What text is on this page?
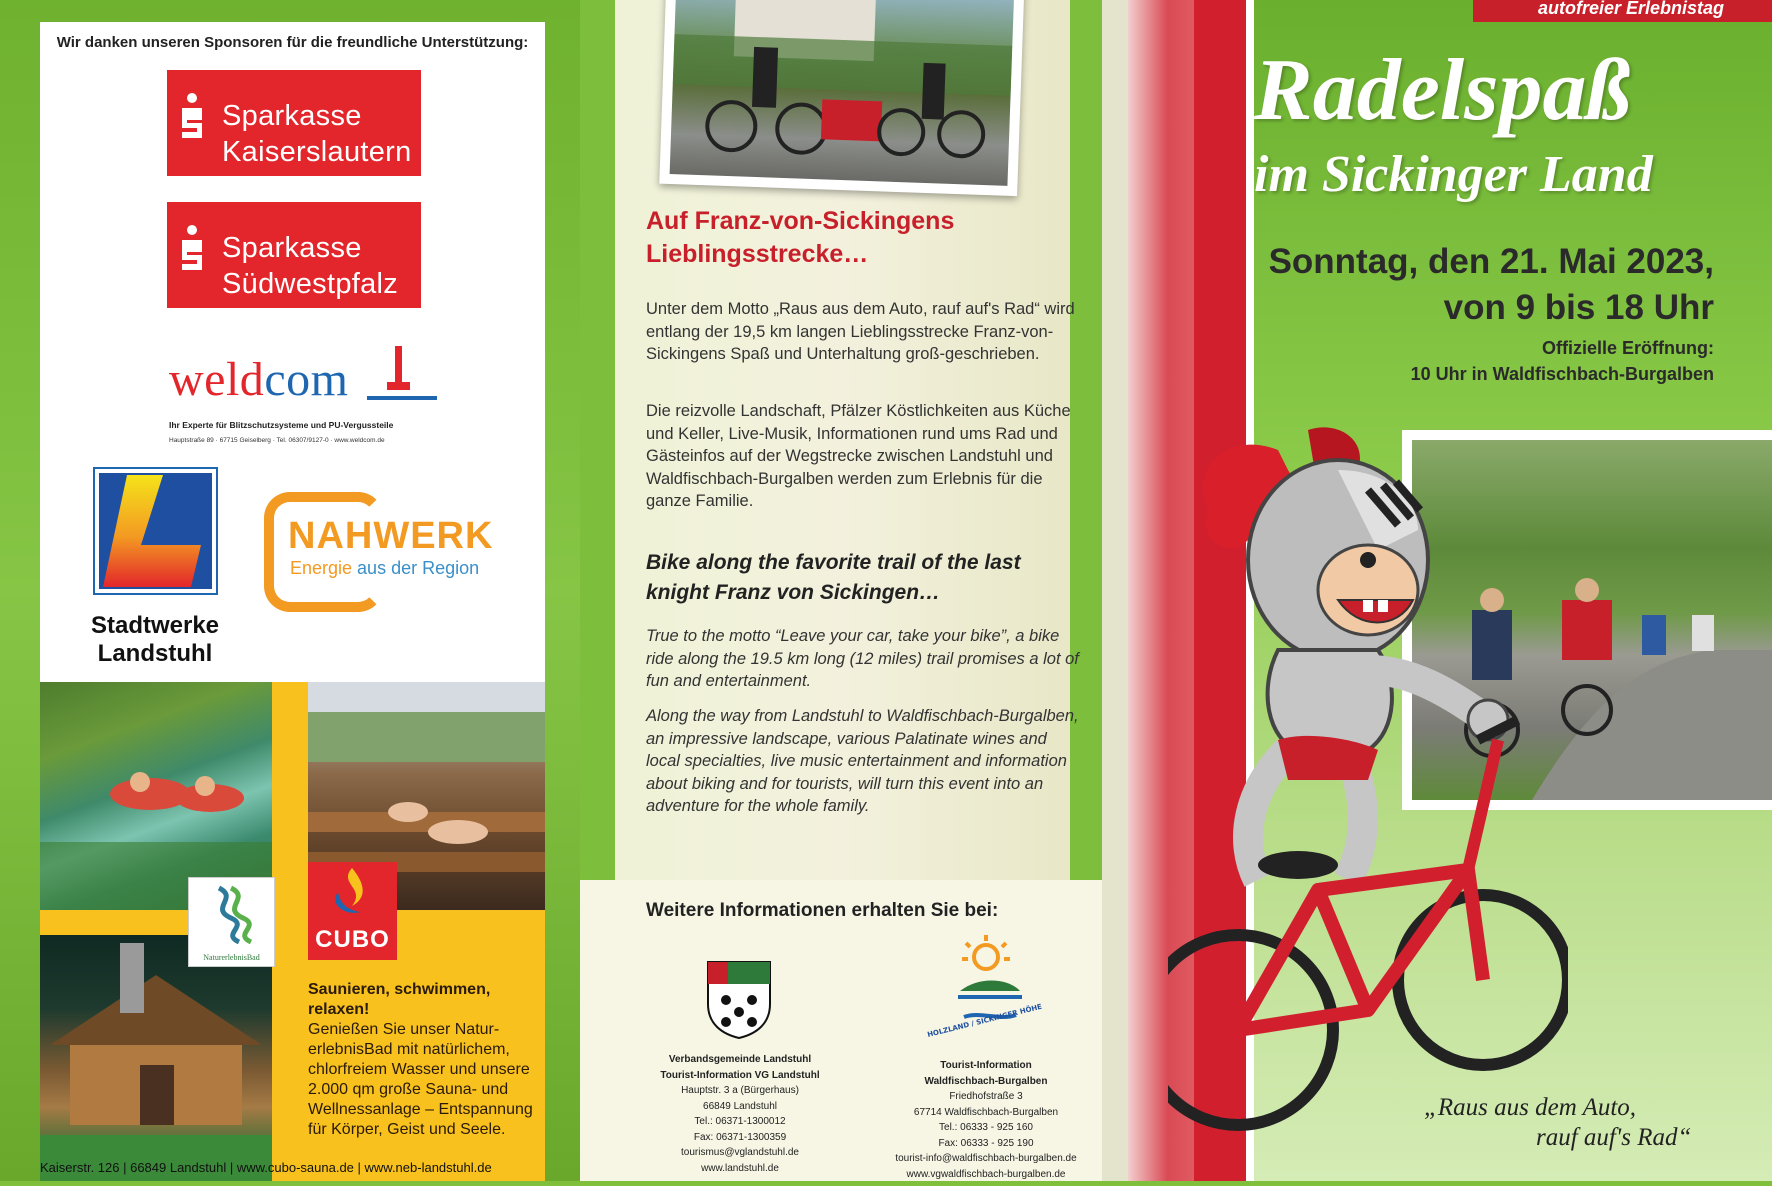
Wir danken unseren Sponsoren für die freundliche Unterstützung:
Sparkasse
Kaiserslautern
Sparkasse
Südwestpfalz
weldcom
Ihr Experte für Blitzschutzsysteme und PU-Vergussteile
Hauptstraße 89 · 67715 Geiselberg · Tel. 06307/9127-0 · www.weldcom.de
Stadtwerke
Landstuhl
NAHWERK
Energie aus der Region
NaturerlebnisBad
CUBO
Saunieren, schwimmen, relaxen!
Genießen Sie unser Natur-erlebnisBad mit natürlichem, chlorfreiem Wasser und unsere 2.000 qm große Sauna- und Wellnessanlage – Entspannung für Körper, Geist und Seele.
Kaiserstr. 126 | 66849 Landstuhl | www.cubo-sauna.de | www.neb-landstuhl.de
Auf Franz-von-Sickingens Lieblingsstrecke…
Unter dem Motto „Raus aus dem Auto, rauf auf's Rad“ wird entlang der 19,5 km langen Lieblingsstrecke Franz-von-Sickingens Spaß und Unterhaltung groß-geschrieben.
Die reizvolle Landschaft, Pfälzer Köstlichkeiten aus Küche und Keller, Live-Musik, Informationen rund ums Rad und Gästeinfos auf der Wegstrecke zwischen Landstuhl und Waldfischbach-Burgalben werden zum Erlebnis für die ganze Familie.
Bike along the favorite trail of the last knight Franz von Sickingen…
True to the motto “Leave your car, take your bike”, a bike ride along the 19.5 km long (12 miles) trail promises a lot of fun and entertainment.
Along the way from Landstuhl to Waldfischbach-Burgalben, an impressive landscape, various Palatinate wines and local specialties, live music entertainment and information about biking and for tourists, will turn this event into an adventure for the whole family.
Weitere Informationen erhalten Sie bei:
Verbandsgemeinde Landstuhl
Tourist-Information VG Landstuhl
Hauptstr. 3 a (Bürgerhaus)
66849 Landstuhl
Tel.: 06371-1300012
Fax: 06371-1300359
tourismus@vglandstuhl.de
www.landstuhl.de
HOLZLAND / SICKINGER HÖHE
Tourist-Information
Waldfischbach-Burgalben
Friedhofstraße 3
67714 Waldfischbach-Burgalben
Tel.: 06333 - 925 160
Fax: 06333 - 925 190
tourist-info@waldfischbach-burgalben.de
www.vgwaldfischbach-burgalben.de
autofreier Erlebnistag
Radelspaß
im Sickinger Land
Sonntag, den 21. Mai 2023,
von 9 bis 18 Uhr
Offizielle Eröffnung:
10 Uhr in Waldfischbach-Burgalben
„Raus aus dem Auto,
rauf auf's Rad“
